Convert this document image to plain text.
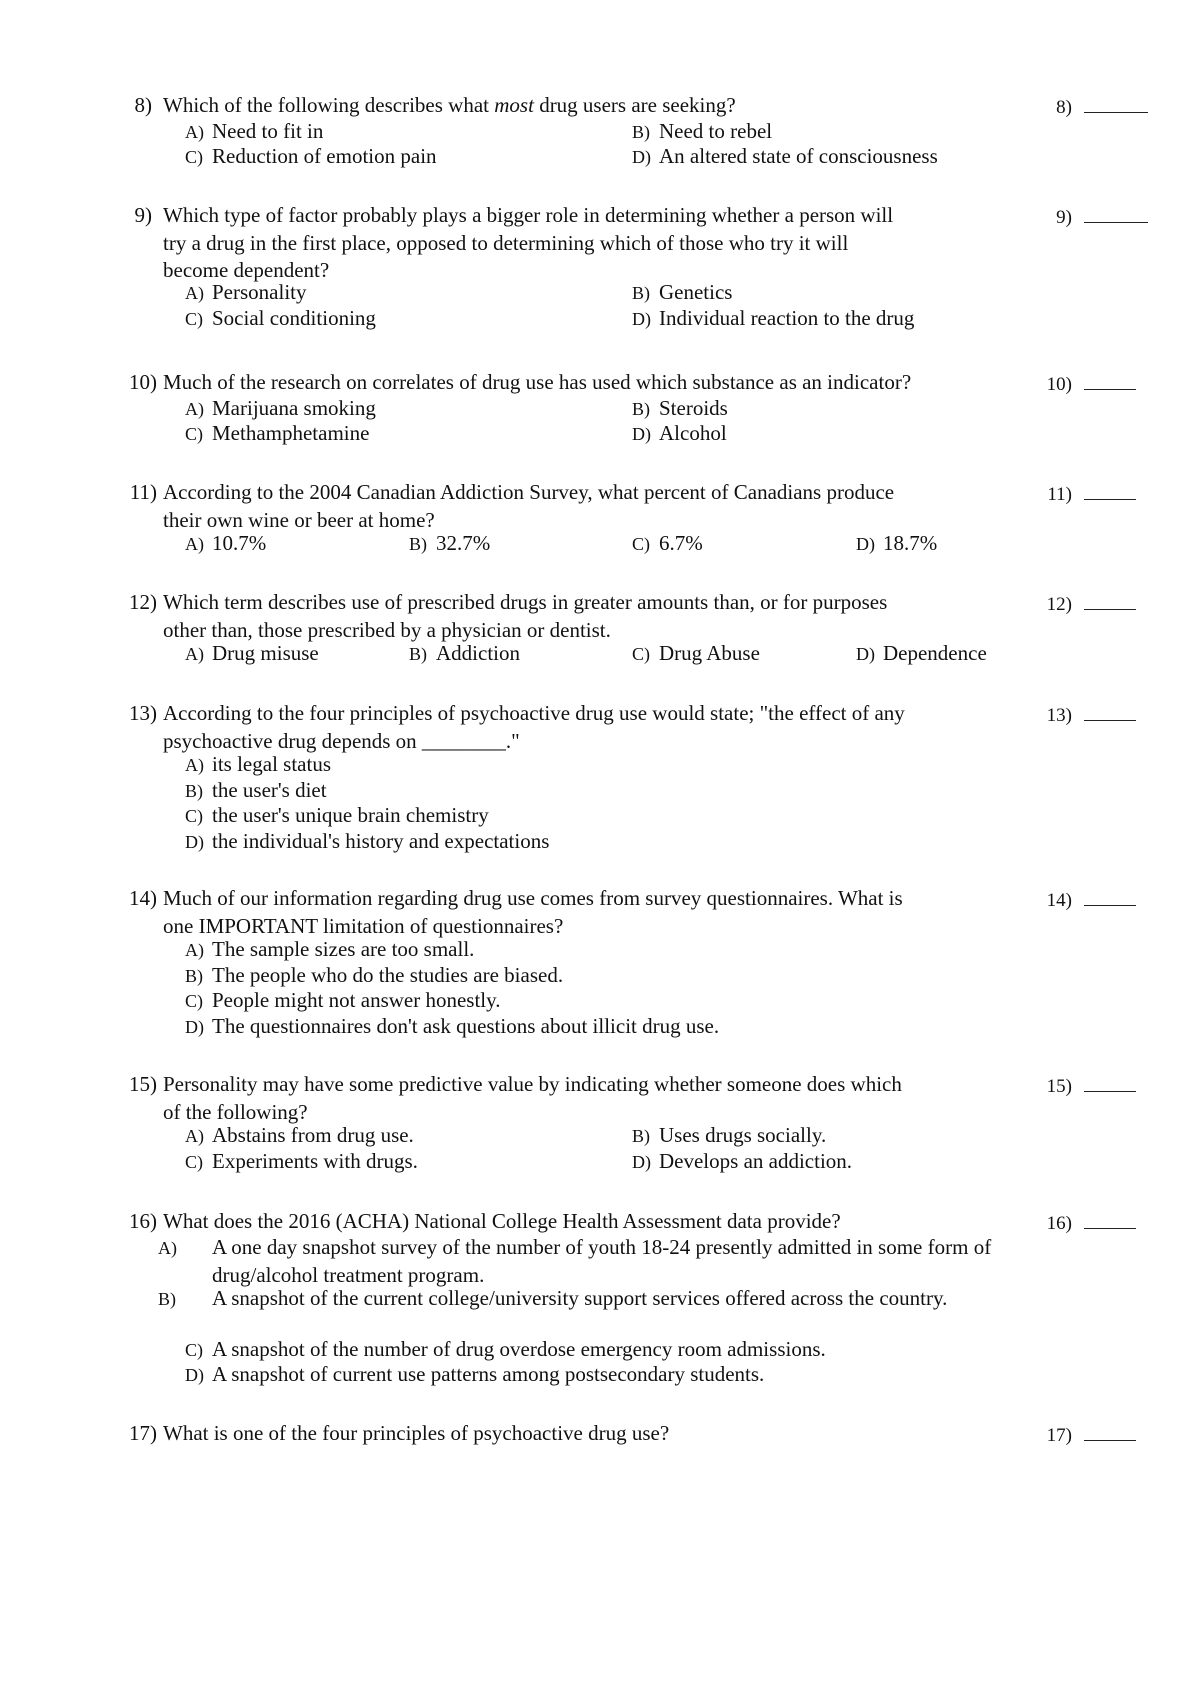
8) Which of the following describes what most drug users are seeking?	8)
A) Need to fit in	B) Need to rebel
C) Reduction of emotion pain	D) An altered state of consciousness
9) Which type of factor probably plays a bigger role in determining whether a person will
try a drug in the first place, opposed to determining which of those who try it will
become dependent?
9)
A) Personality	B) Genetics
C) Social conditioning	D) Individual reaction to the drug
10) Much of the research on correlates of drug use has used which substance as an indicator?	10)
A) Marijuana smoking	B) Steroids
C) Methamphetamine	D) Alcohol
11) According to the 2004 Canadian Addiction Survey, what percent of Canadians produce
their own wine or beer at home?
11)
A) 10.7%	B) 32.7%	C) 6.7%	D) 18.7%
12) Which term describes use of prescribed drugs in greater amounts than, or for purposes
other than, those prescribed by a physician or dentist.
12)
A) Drug misuse	B) Addiction	C) Drug Abuse	D) Dependence
13) According to the four principles of psychoactive drug use would state; "the effect of any
psychoactive drug depends on ________."
13)
A) its legal status
B) the user's diet
C) the user's unique brain chemistry
D) the individual's history and expectations
14) Much of our information regarding drug use comes from survey questionnaires. What is
one IMPORTANT limitation of questionnaires?
14)
A) The sample sizes are too small.
B) The people who do the studies are biased.
C) People might not answer honestly.
D) The questionnaires don't ask questions about illicit drug use.
15) Personality may have some predictive value by indicating whether someone does which
of the following?
15)
A) Abstains from drug use.	B) Uses drugs socially.
C) Experiments with drugs.	D) Develops an addiction.
16) What does the 2016 (ACHA) National College Health Assessment data provide?	16)
A) A one day snapshot survey of the number of youth 18-24 presently admitted in some form of drug/alcohol treatment program.
B) A snapshot of the current college/university support services offered across the country.
C) A snapshot of the number of drug overdose emergency room admissions.
D) A snapshot of current use patterns among postsecondary students.
17) What is one of the four principles of psychoactive drug use?	17)
